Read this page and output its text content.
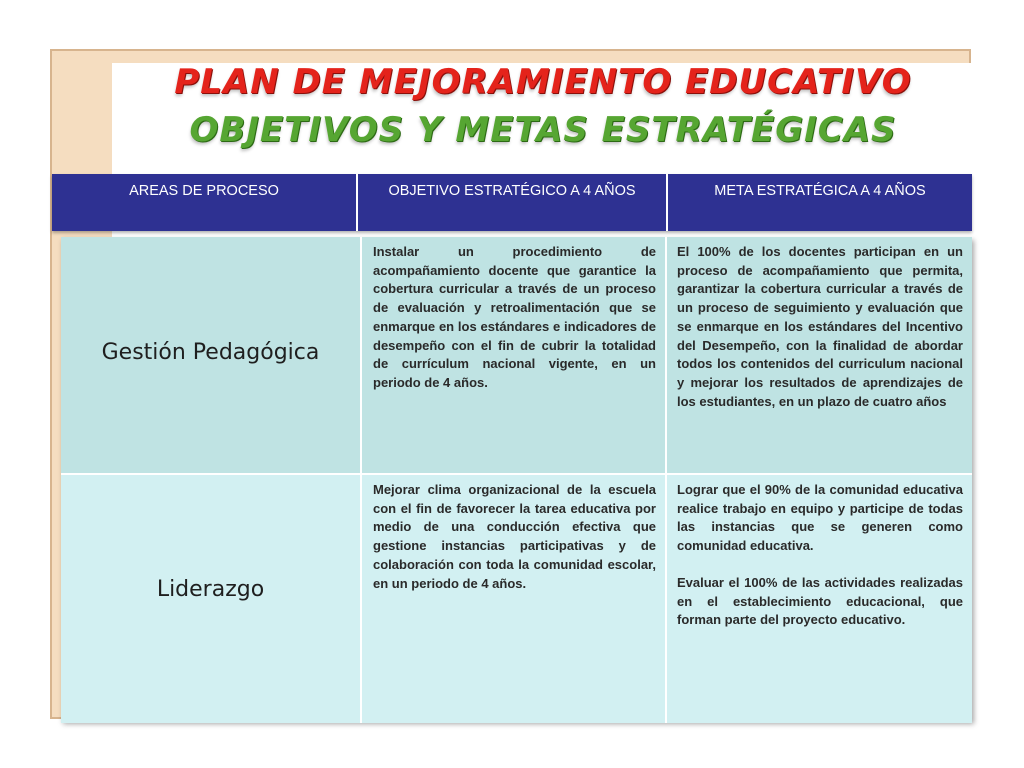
PLAN DE MEJORAMIENTO EDUCATIVO
OBJETIVOS Y METAS ESTRATÉGICAS
AREAS DE PROCESO	OBJETIVO ESTRATÉGICO A 4 AÑOS	META ESTRATÉGICA A 4 AÑOS
Gestión Pedagógica

Instalar un procedimiento de acompañamiento docente que garantice la cobertura curricular a través de un proceso de evaluación y retroalimentación que se enmarque en los estándares e indicadores de desempeño con el fin de cubrir la totalidad de currículum nacional vigente, en un periodo de 4 años.

El 100% de los docentes participan en un proceso de acompañamiento que permita, garantizar la cobertura curricular a través de un proceso de seguimiento y evaluación que se enmarque en los estándares del Incentivo del Desempeño, con la finalidad de abordar todos los contenidos del curriculum nacional y mejorar los resultados de aprendizajes de los estudiantes, en un plazo de cuatro años

Liderazgo

Mejorar clima organizacional de la escuela con el fin de favorecer la tarea educativa por medio de una conducción efectiva que gestione instancias participativas y de colaboración con toda la comunidad escolar, en un periodo de 4 años.

Lograr que el 90% de la comunidad educativa realice trabajo en equipo y participe de todas las instancias que se generen como comunidad educativa.

Evaluar el 100% de las actividades realizadas en el establecimiento educacional, que forman parte del proyecto educativo.
